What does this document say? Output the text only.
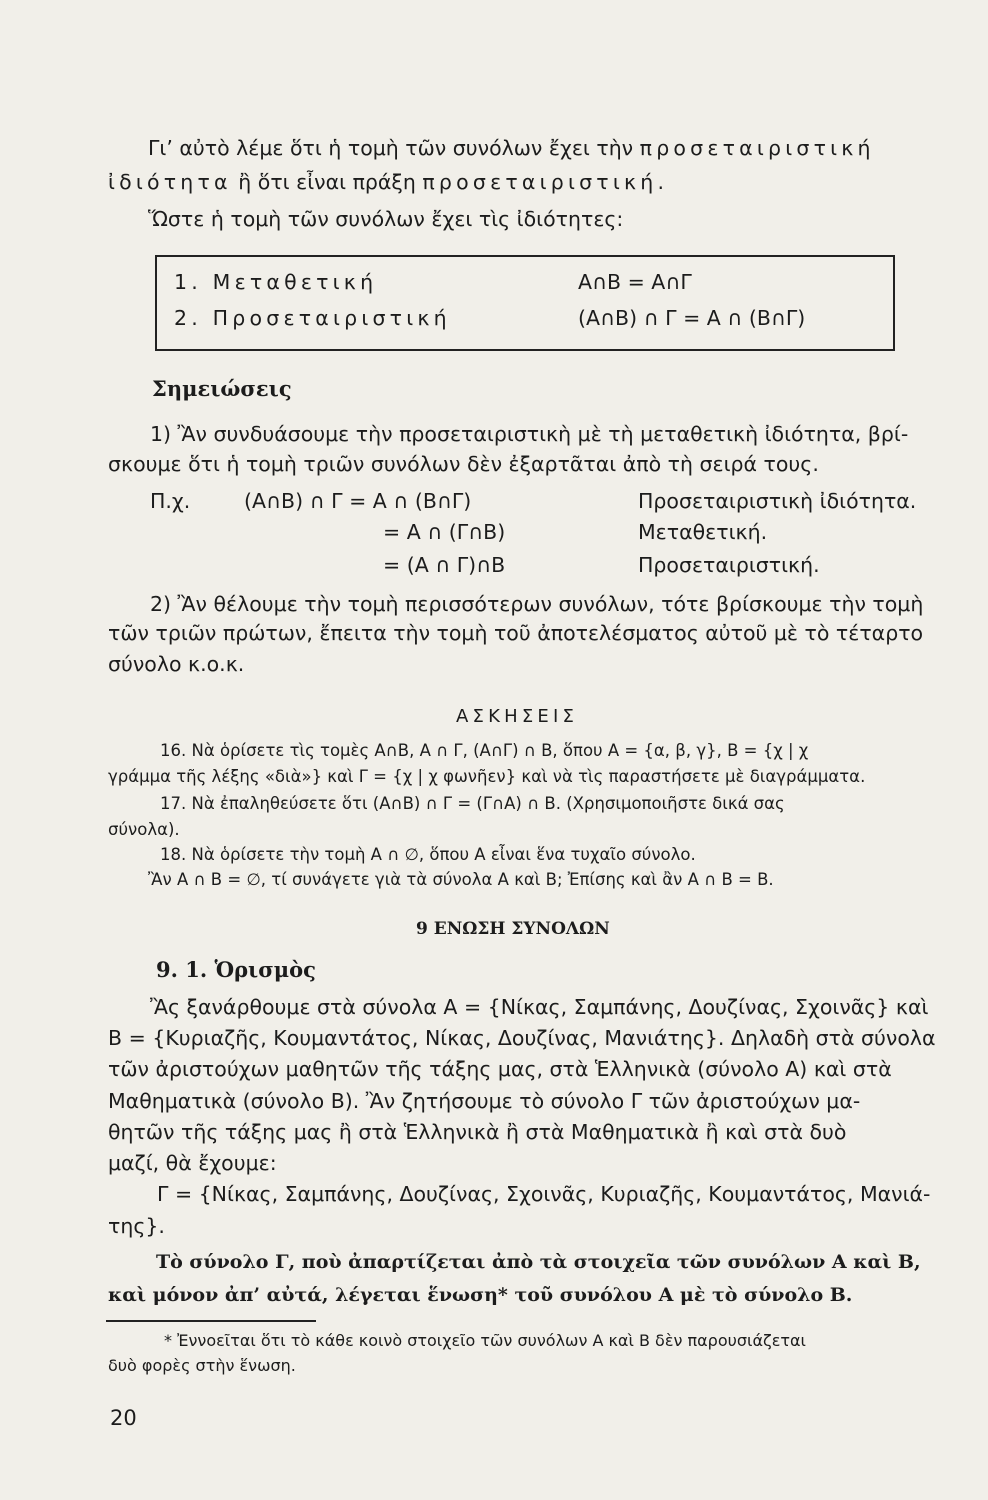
Γι’ αὐτὸ λέμε ὅτι ἡ τομὴ τῶν συνόλων ἔχει τὴν προσεταιριστική
ἰδιότητα ἢ ὅτι εἶναι πράξη προσεταιριστική.
Ὥστε ἡ τομὴ τῶν συνόλων ἔχει τὶς ἰδιότητες:
1. Μεταθετική	A∩B = A∩Γ
2. Προσεταιριστική	(A∩B) ∩ Γ = A ∩ (B∩Γ)
Σημειώσεις
1) Ἂν συνδυάσουμε τὴν προσεταιριστικὴ μὲ τὴ μεταθετικὴ ἰδιότητα, βρί-
σκουμε ὅτι ἡ τομὴ τριῶν συνόλων δὲν ἐξαρτᾶται ἀπὸ τὴ σειρά τους.
Π.χ.	(A∩B) ∩ Γ = A ∩ (B∩Γ)	Προσεταιριστικὴ ἰδιότητα.
= A ∩ (Γ∩B)	Μεταθετική.
= (A ∩ Γ)∩B	Προσεταιριστική.
2) Ἂν θέλουμε τὴν τομὴ περισσότερων συνόλων, τότε βρίσκουμε τὴν τομὴ
τῶν τριῶν πρώτων, ἔπειτα τὴν τομὴ τοῦ ἀποτελέσματος αὐτοῦ μὲ τὸ τέταρτο
σύνολο κ.ο.κ.
ΑΣΚΗΣΕΙΣ
16. Νὰ ὁρίσετε τὶς τομὲς A∩B, A ∩ Γ, (A∩Γ) ∩ B, ὅπου A = {α, β, γ}, B = {χ | χ
γράμμα τῆς λέξης «διὰ»} καὶ Γ = {χ | χ φωνῆεν} καὶ νὰ τὶς παραστήσετε μὲ διαγράμματα.
17. Νὰ ἐπαληθεύσετε ὅτι (A∩B) ∩ Γ = (Γ∩A) ∩ B. (Χρησιμοποιῆστε δικά σας
σύνολα).
18. Νὰ ὁρίσετε τὴν τομὴ A ∩ ∅, ὅπου A εἶναι ἕνα τυχαῖο σύνολο.
Ἂν A ∩ B = ∅, τί συνάγετε γιὰ τὰ σύνολα A καὶ B; Ἐπίσης καὶ ἂν A ∩ B = B.
9 ΕΝΩΣΗ ΣΥΝΟΛΩΝ
9. 1. Ὁρισμὸς
Ἂς ξανάρθουμε στὰ σύνολα A = {Νίκας, Σαμπάνης, Δουζίνας, Σχοινᾶς} καὶ
B = {Κυριαζῆς, Κουμαντάτος, Νίκας, Δουζίνας, Μανιάτης}. Δηλαδὴ στὰ σύνολα
τῶν ἀριστούχων μαθητῶν τῆς τάξης μας, στὰ Ἑλληνικὰ (σύνολο A) καὶ στὰ
Μαθηματικὰ (σύνολο B). Ἂν ζητήσουμε τὸ σύνολο Γ τῶν ἀριστούχων μα-
θητῶν τῆς τάξης μας ἢ στὰ Ἑλληνικὰ ἢ στὰ Μαθηματικὰ ἢ καὶ στὰ δυὸ
μαζί, θὰ ἔχουμε:
Γ = {Νίκας, Σαμπάνης, Δουζίνας, Σχοινᾶς, Κυριαζῆς, Κουμαντάτος, Μανιά-
της}.
Τὸ σύνολο Γ, ποὺ ἀπαρτίζεται ἀπὸ τὰ στοιχεῖα τῶν συνόλων A καὶ B,
καὶ μόνον ἀπ’ αὐτά, λέγεται ἕνωση* τοῦ συνόλου A μὲ τὸ σύνολο B.
* Ἐννοεῖται ὅτι τὸ κάθε κοινὸ στοιχεῖο τῶν συνόλων A καὶ B δὲν παρουσιάζεται
δυὸ φορὲς στὴν ἕνωση.
20
